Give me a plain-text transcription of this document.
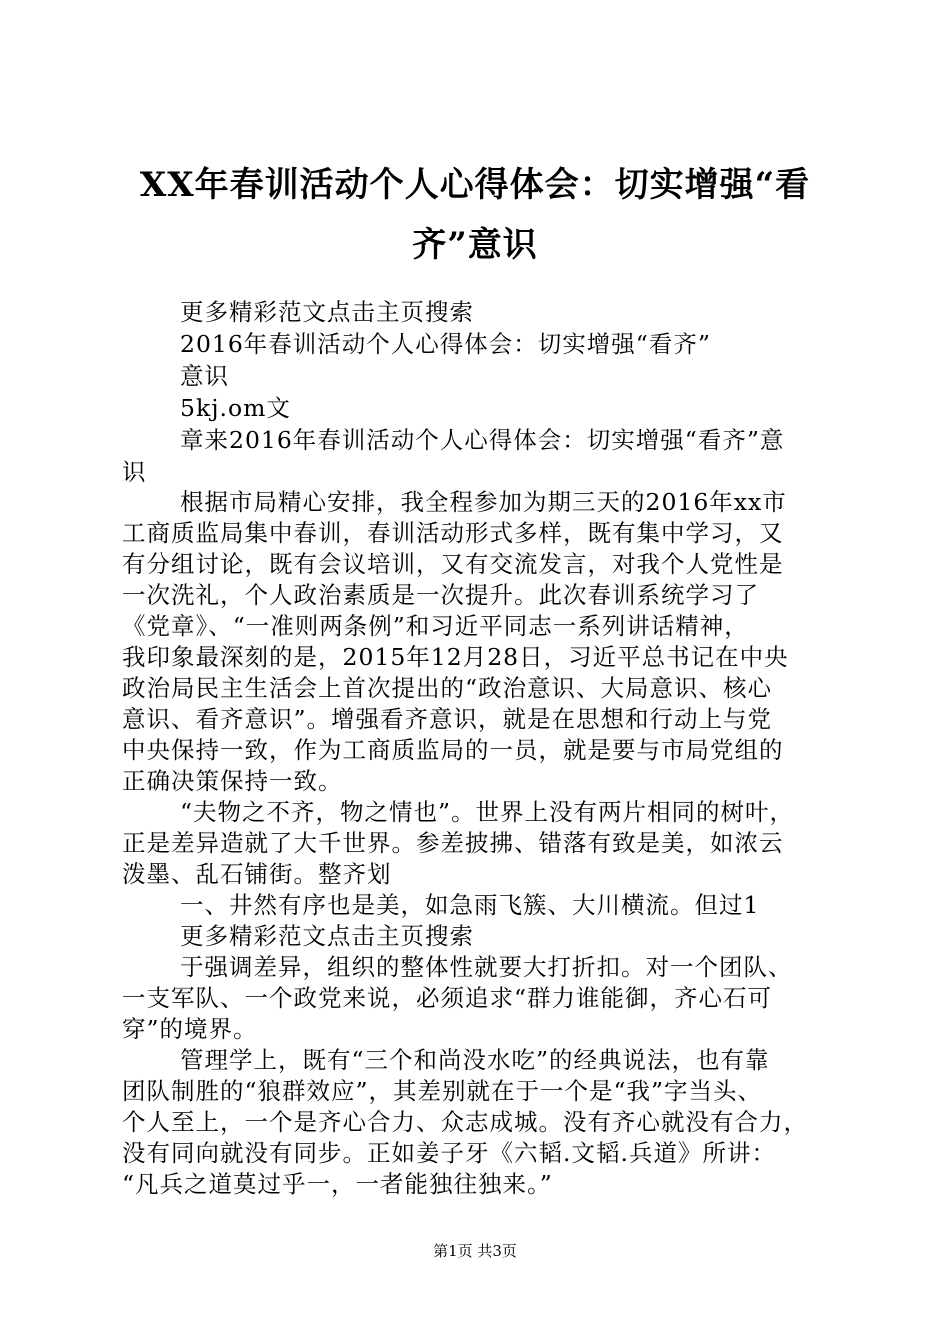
XX年春训活动个人心得体会：切实增强“看
齐”意识
更多精彩范文点击主页搜索
2016年春训活动个人心得体会：切实增强“看齐”
意识
5kj.om文
章来2016年春训活动个人心得体会：切实增强“看齐”意
识
根据市局精心安排，我全程参加为期三天的2016年xx市
工商质监局集中春训，春训活动形式多样，既有集中学习，又
有分组讨论，既有会议培训，又有交流发言，对我个人党性是
一次洗礼，个人政治素质是一次提升。此次春训系统学习了
《党章》、“一准则两条例”和习近平同志一系列讲话精神，
我印象最深刻的是，2015年12月28日，习近平总书记在中央
政治局民主生活会上首次提出的“政治意识、大局意识、核心
意识、看齐意识”。增强看齐意识，就是在思想和行动上与党
中央保持一致，作为工商质监局的一员，就是要与市局党组的
正确决策保持一致。
“夫物之不齐，物之情也”。世界上没有两片相同的树叶，
正是差异造就了大千世界。参差披拂、错落有致是美，如浓云
泼墨、乱石铺街。整齐划
一、井然有序也是美，如急雨飞簇、大川横流。但过1
更多精彩范文点击主页搜索
于强调差异，组织的整体性就要大打折扣。对一个团队、
一支军队、一个政党来说，必须追求“群力谁能御，齐心石可
穿”的境界。
管理学上，既有“三个和尚没水吃”的经典说法，也有靠
团队制胜的“狼群效应”，其差别就在于一个是“我”字当头、
个人至上，一个是齐心合力、众志成城。没有齐心就没有合力，
没有同向就没有同步。正如姜子牙《六韬.文韬.兵道》所讲：
“凡兵之道莫过乎一，一者能独往独来。”
第1页 共3页
